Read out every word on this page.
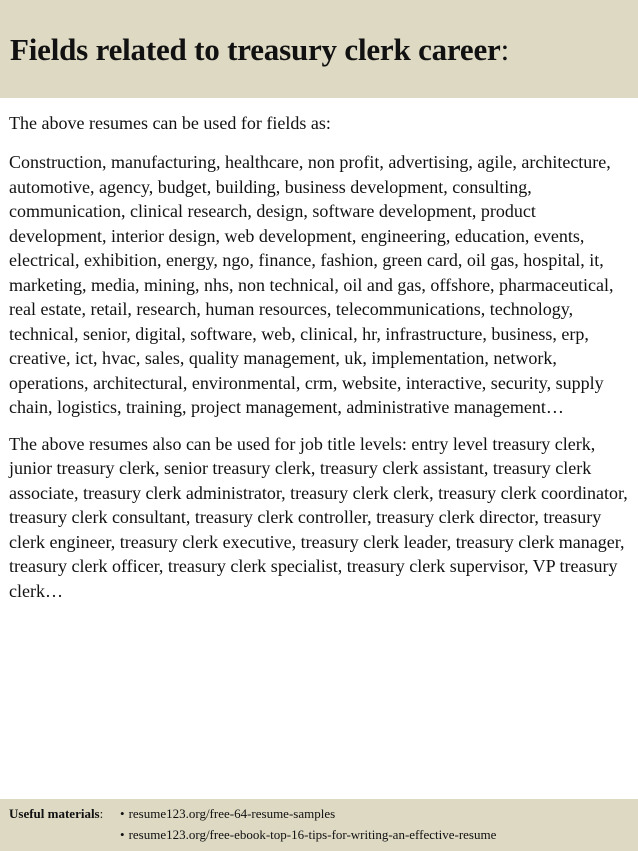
Fields related to treasury clerk career:

The above resumes can be used for fields as:

Construction, manufacturing, healthcare, non profit, advertising, agile, architecture, automotive, agency, budget, building, business development, consulting, communication, clinical research, design, software development, product development, interior design, web development, engineering, education, events, electrical, exhibition, energy, ngo, finance, fashion, green card, oil gas, hospital, it, marketing, media, mining, nhs, non technical, oil and gas, offshore, pharmaceutical, real estate, retail, research, human resources, telecommunications, technology, technical, senior, digital, software, web, clinical, hr, infrastructure, business, erp, creative, ict, hvac, sales, quality management, uk, implementation, network, operations, architectural, environmental, crm, website, interactive, security, supply chain, logistics, training, project management, administrative management…

The above resumes also can be used for job title levels: entry level treasury clerk, junior treasury clerk, senior treasury clerk, treasury clerk assistant, treasury clerk associate, treasury clerk administrator, treasury clerk clerk, treasury clerk coordinator, treasury clerk consultant, treasury clerk controller, treasury clerk director, treasury clerk engineer, treasury clerk executive, treasury clerk leader, treasury clerk manager, treasury clerk officer, treasury clerk specialist, treasury clerk supervisor, VP treasury clerk…

Useful materials:	• resume123.org/free-64-resume-samples
• resume123.org/free-ebook-top-16-tips-for-writing-an-effective-resume
